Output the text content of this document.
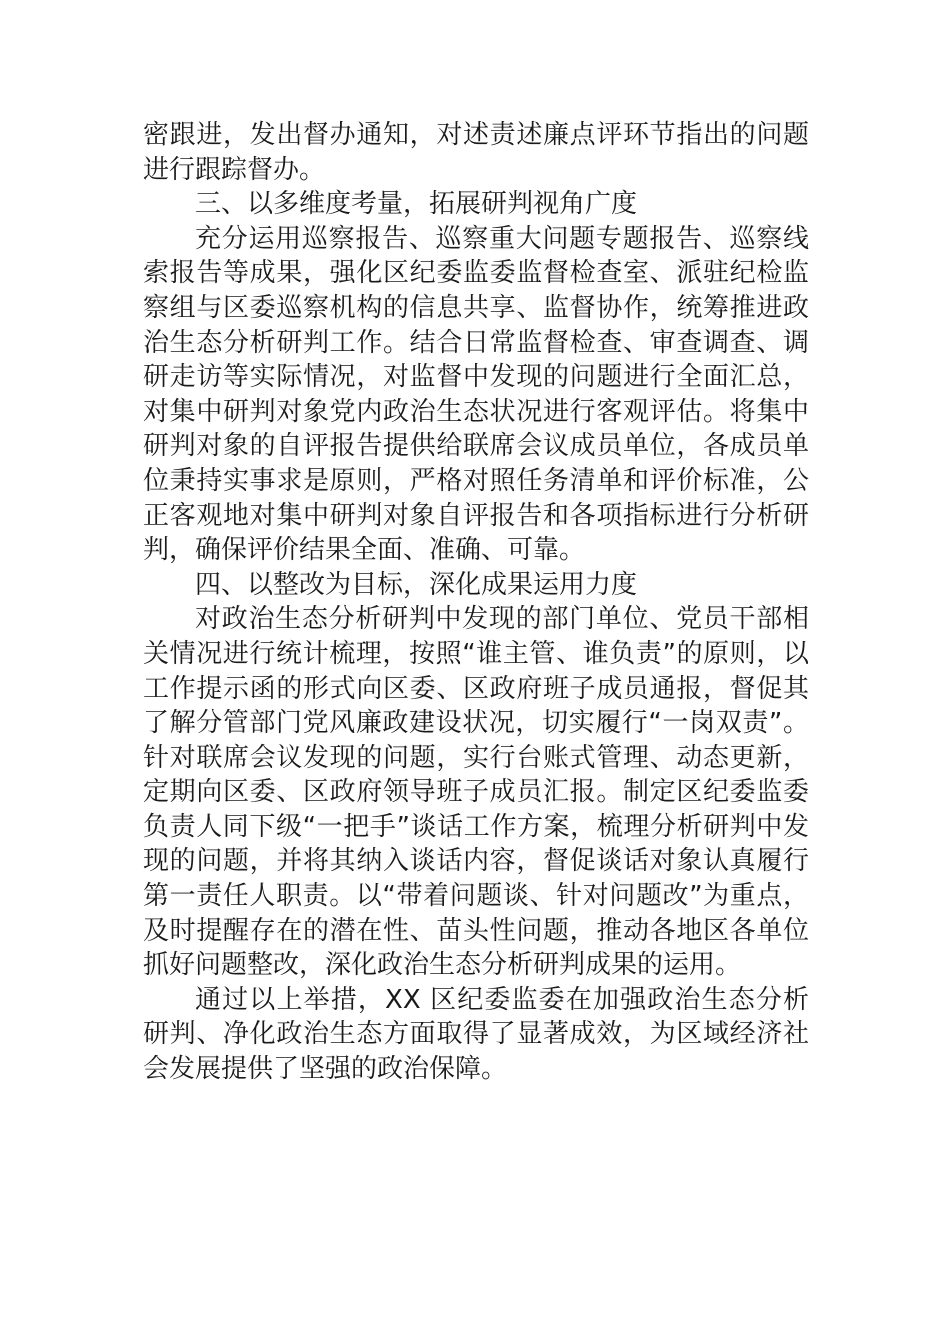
密跟进，发出督办通知，对述责述廉点评环节指出的问题进行跟踪督办。

三、以多维度考量，拓展研判视角广度

充分运用巡察报告、巡察重大问题专题报告、巡察线索报告等成果，强化区纪委监委监督检查室、派驻纪检监察组与区委巡察机构的信息共享、监督协作，统筹推进政治生态分析研判工作。结合日常监督检查、审查调查、调研走访等实际情况，对监督中发现的问题进行全面汇总，对集中研判对象党内政治生态状况进行客观评估。将集中研判对象的自评报告提供给联席会议成员单位，各成员单位秉持实事求是原则，严格对照任务清单和评价标准，公正客观地对集中研判对象自评报告和各项指标进行分析研判，确保评价结果全面、准确、可靠。

四、以整改为目标，深化成果运用力度

对政治生态分析研判中发现的部门单位、党员干部相关情况进行统计梳理，按照“谁主管、谁负责”的原则，以工作提示函的形式向区委、区政府班子成员通报，督促其了解分管部门党风廉政建设状况，切实履行“一岗双责”。针对联席会议发现的问题，实行台账式管理、动态更新，定期向区委、区政府领导班子成员汇报。制定区纪委监委负责人同下级“一把手”谈话工作方案，梳理分析研判中发现的问题，并将其纳入谈话内容，督促谈话对象认真履行第一责任人职责。以“带着问题谈、针对问题改”为重点，及时提醒存在的潜在性、苗头性问题，推动各地区各单位抓好问题整改，深化政治生态分析研判成果的运用。

通过以上举措，XX 区纪委监委在加强政治生态分析研判、净化政治生态方面取得了显著成效，为区域经济社会发展提供了坚强的政治保障。
